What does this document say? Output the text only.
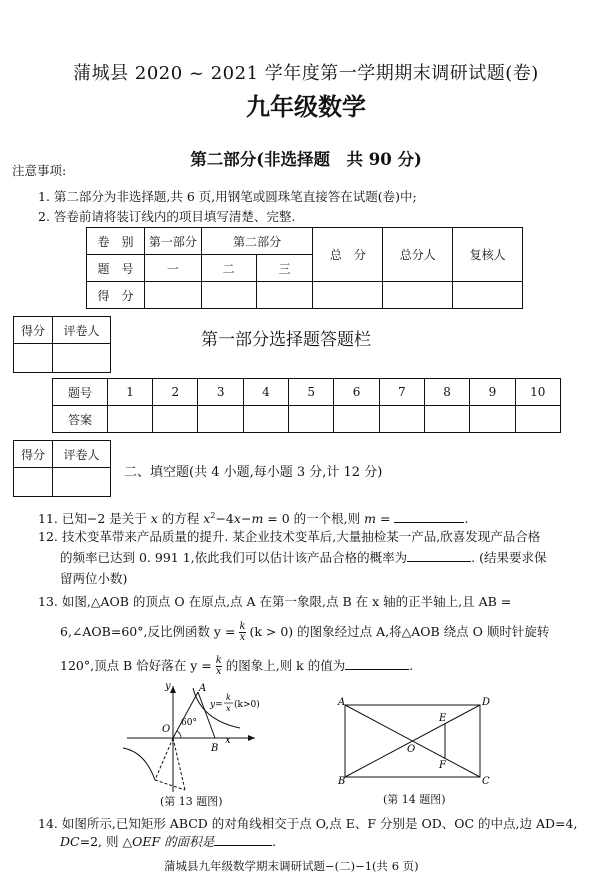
蒲城县 2020 ~ 2021 学年度第一学期期末调研试题(卷)
九年级数学
第二部分(非选择题　共 90 分)
注意事项:
1. 第二部分为非选择题,共 6 页,用钢笔或圆珠笔直接答在试题(卷)中;
2. 答卷前请将装订线内的项目填写清楚、完整.
卷　别	第一部分	第二部分		总　分	总分人	复核人
题　号	一	二	三			
得　分						
得分	评卷人
		第一部分选择题答题栏
题号	1	2	3	4	5	6	7	8	9	10
答案										
得分	评卷人

二、填空题(共 4 小题,每小题 3 分,计 12 分)
11. 已知−2 是关于 x 的方程 $x^2-4x-m = 0$ 的一个根,则 m =	.
12. 技术变革带来产品质量的提升. 某企业技术变革后,大量抽检某一产品,欣喜发现产品合格
的频率已达到 0. 991 1,依此我们可以估计该产品合格的概率为	. (结果要求保
留两位小数)
13. 如图,△AOB 的顶点 O 在原点,点 A 在第一象限,点 B 在 x 轴的正半轴上,且 AB =
6,∠AOB=60°,反比例函数 $y = \frac{k}{x} (k > 0)$ 的图象经过点 A,将△AOB 绕点 O 顺时针旋转
120°,顶点 B 恰好落在 $y = \frac{k}{x}$ 的图象上,则 k 的值为	.
y	A
O
60°
B
x
y=
k
x (k>0)
(第 13 题图)
A	D
B	C
O
E
F
(第 14 题图)
14. 如图所示,已知矩形 ABCD 的对角线相交于点 O,点 E、F 分别是 OD、OC 的中点,边 AD=4,
DC=2, 则 △OEF 的面积是	.
蒲城县九年级数学期末调研试题−(二)−1(共 6 页)
